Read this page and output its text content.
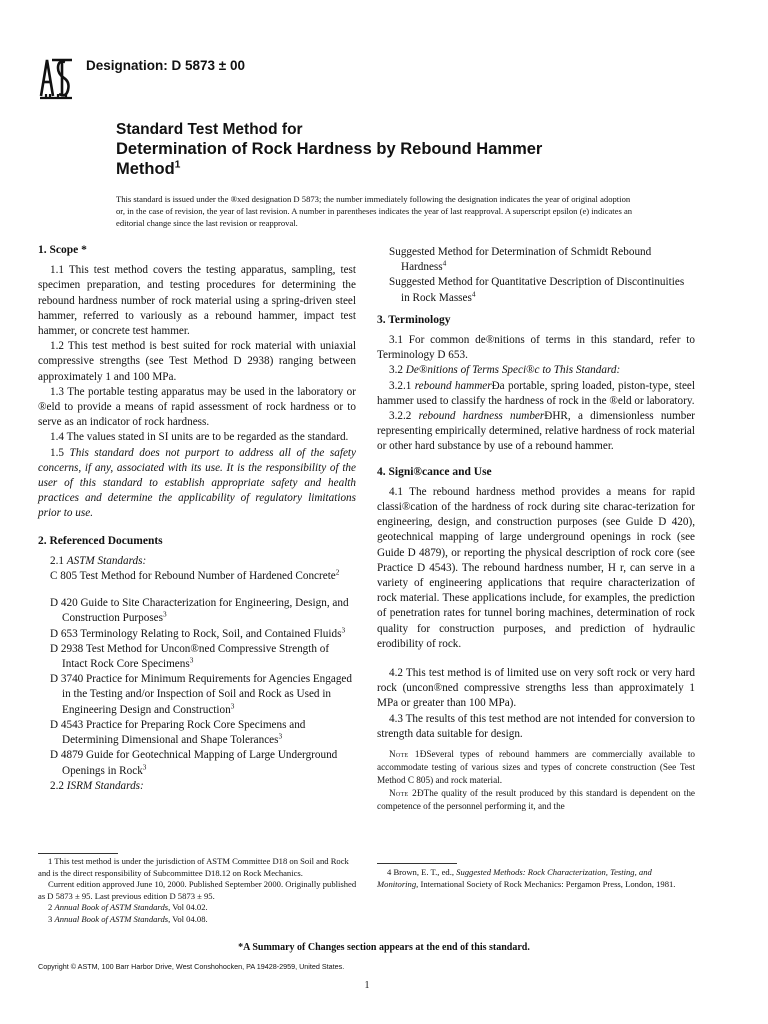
Designation: D 5873 ± 00
Standard Test Method for
Determination of Rock Hardness by Rebound Hammer
Method$^1$
This standard is issued under the ®xed designation D 5873; the number immediately following the designation indicates the year of original adoption or, in the case of revision, the year of last revision. A number in parentheses indicates the year of last reapproval. A superscript epsilon (e) indicates an editorial change since the last revision or reapproval.

1. Scope *

1.1 This test method covers the testing apparatus, sampling, test specimen preparation, and testing procedures for determining the rebound hardness number of rock material using a spring-driven steel hammer, referred to variously as a rebound hammer, impact test hammer, or concrete test hammer.

1.2 This test method is best suited for rock material with uniaxial compressive strengths (see Test Method D 2938) ranging between approximately 1 and 100 MPa.

1.3 The portable testing apparatus may be used in the laboratory or ®eld to provide a means of rapid assessment of rock hardness or to serve as an indicator of rock hardness.

1.4 The values stated in SI units are to be regarded as the standard.

1.5 This standard does not purport to address all of the safety concerns, if any, associated with its use. It is the responsibility of the user of this standard to establish appropriate safety and health practices and determine the applicability of regulatory limitations prior to use.

2. Referenced Documents

2.1 ASTM Standards:

C 805 Test Method for Rebound Number of Hardened Concrete$^2$

D 420 Guide to Site Characterization for Engineering, Design, and Construction Purposes$^3$

D 653 Terminology Relating to Rock, Soil, and Contained Fluids$^3$

D 2938 Test Method for Uncon®ned Compressive Strength of Intact Rock Core Specimens$^3$

D 3740 Practice for Minimum Requirements for Agencies Engaged in the Testing and/or Inspection of Soil and Rock as Used in Engineering Design and Construction$^3$

D 4543 Practice for Preparing Rock Core Specimens and Determining Dimensional and Shape Tolerances$^3$

D 4879 Guide for Geotechnical Mapping of Large Underground Openings in Rock$^3$

2.2 ISRM Standards:

Suggested Method for Determination of Schmidt Rebound Hardness$^4$

Suggested Method for Quantitative Description of Discontinuities in Rock Masses$^4$

3. Terminology

3.1 For common de®nitions of terms in this standard, refer to Terminology D 653.

3.2 De®nitions of Terms Speci®c to This Standard:

3.2.1 rebound hammerÐa portable, spring loaded, piston-type, steel hammer used to classify the hardness of rock in the ®eld or laboratory.

3.2.2 rebound hardness numberÐHR, a dimensionless number representing empirically determined, relative hardness of rock material or other hard substance by use of a rebound hammer.

4. Signi®cance and Use

4.1 The rebound hardness method provides a means for rapid classi®cation of the hardness of rock during site charac-terization for engineering, design, and construction purposes (see Guide D 420), geotechnical mapping of large underground openings in rock (see Guide D 4879), or reporting the physical description of rock core (see Practice D 4543). The rebound hardness number, H r, can serve in a variety of engineering applications that require characterization of rock material. These applications include, for examples, the prediction of penetration rates for tunnel boring machines, determination of rock quality for construction purposes, and prediction of hydraulic erodibility of rock.

4.2 This test method is of limited use on very soft rock or very hard rock (uncon®ned compressive strengths less than approximately 1 MPa or greater than 100 MPa).

4.3 The results of this test method are not intended for conversion to strength data suitable for design.

Note 1ÐSeveral types of rebound hammers are commercially available to accommodate testing of various sizes and types of concrete construction (See Test Method C 805) and rock material.

Note 2ÐThe quality of the result produced by this standard is dependent on the competence of the personnel performing it, and the

1 This test method is under the jurisdiction of ASTM Committee D18 on Soil and Rock and is the direct responsibility of Subcommittee D18.12 on Rock Mechanics.

Current edition approved June 10, 2000. Published September 2000. Originally published as D 5873 ± 95. Last previous edition D 5873 ± 95.

2 Annual Book of ASTM Standards, Vol 04.02.

3 Annual Book of ASTM Standards, Vol 04.08.

4 Brown, E. T., ed., Suggested Methods: Rock Characterization, Testing, and Monitoring, International Society of Rock Mechanics: Pergamon Press, London, 1981.

*A Summary of Changes section appears at the end of this standard.
Copyright © ASTM, 100 Barr Harbor Drive, West Conshohocken, PA 19428-2959, United States.
1
